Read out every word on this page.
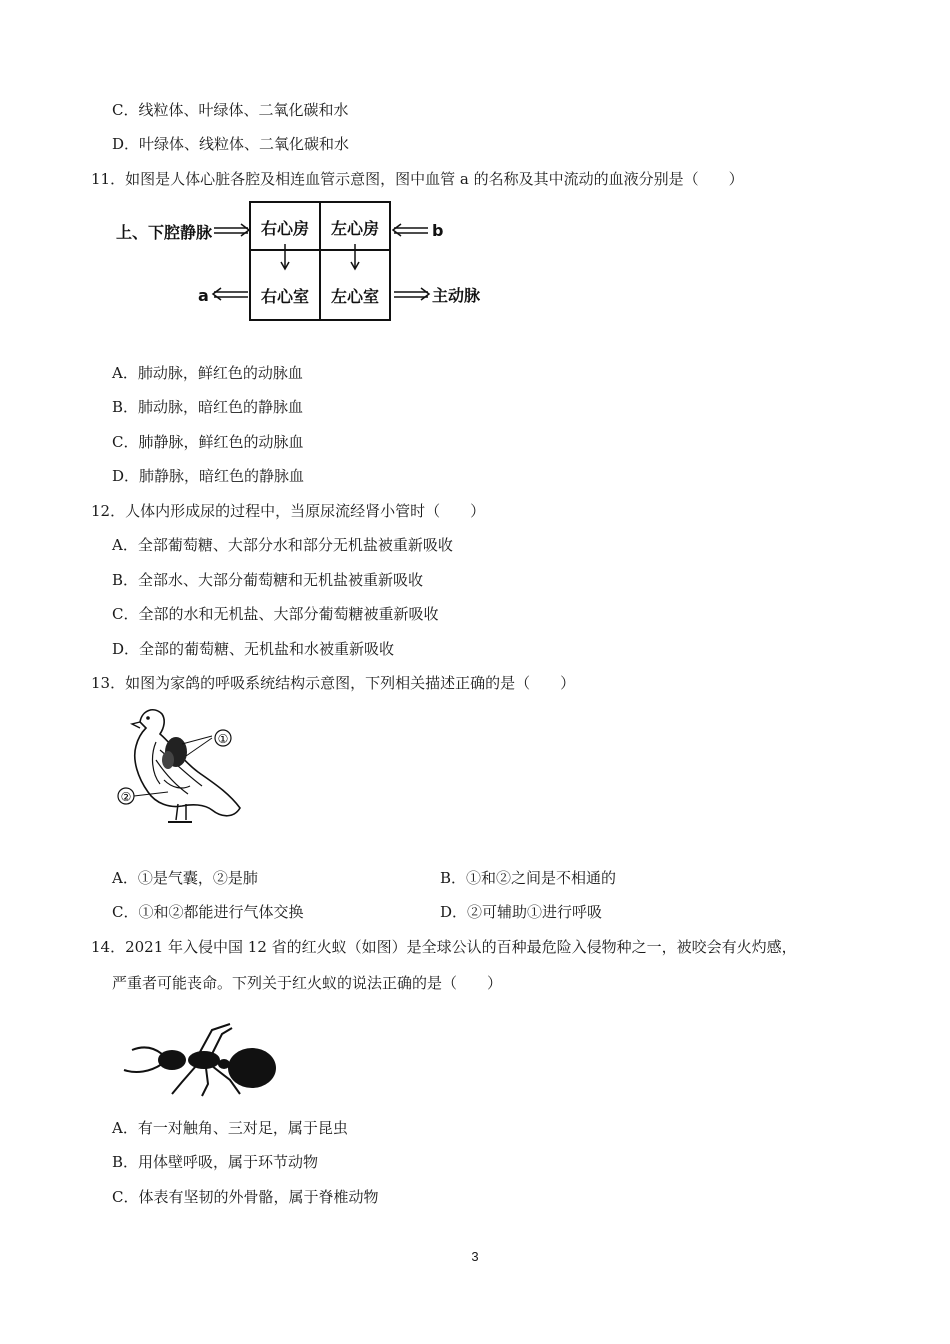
C．线粒体、叶绿体、二氧化碳和水
D．叶绿体、线粒体、二氧化碳和水
11．如图是人体心脏各腔及相连血管示意图，图中血管 a 的名称及其中流动的血液分别是（　　）
右心房 左心房
右心室 左心室
上、下腔静脉	b
a	主动脉
A．肺动脉，鲜红色的动脉血
B．肺动脉，暗红色的静脉血
C．肺静脉，鲜红色的动脉血
D．肺静脉，暗红色的静脉血
12．人体内形成尿的过程中，当原尿流经肾小管时（　　）
A．全部葡萄糖、大部分水和部分无机盐被重新吸收
B．全部水、大部分葡萄糖和无机盐被重新吸收
C．全部的水和无机盐、大部分葡萄糖被重新吸收
D．全部的葡萄糖、无机盐和水被重新吸收
13．如图为家鸽的呼吸系统结构示意图，下列相关描述正确的是（　　）
①
②
A．①是气囊，②是肺	B．①和②之间是不相通的
C．①和②都能进行气体交换	D．②可辅助①进行呼吸
14．2021 年入侵中国 12 省的红火蚁（如图）是全球公认的百种最危险入侵物种之一，被咬会有火灼感，
严重者可能丧命。下列关于红火蚁的说法正确的是（　　）
A．有一对触角、三对足，属于昆虫
B．用体壁呼吸，属于环节动物
C．体表有坚韧的外骨骼，属于脊椎动物
3
